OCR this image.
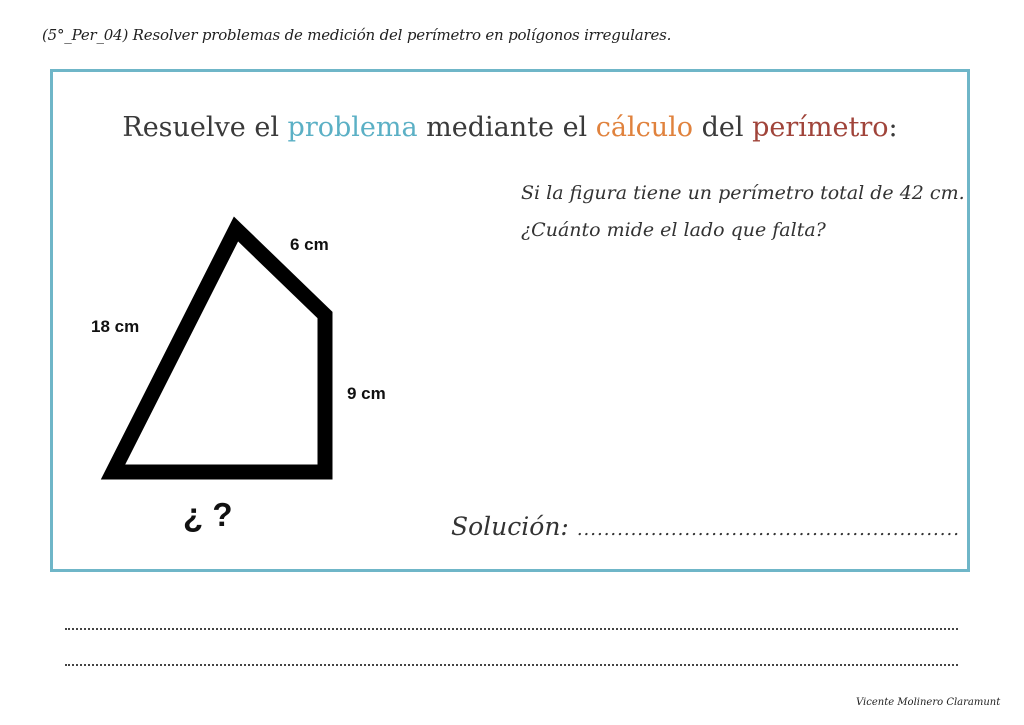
(5°_Per_04) Resolver problemas de medición del perímetro en polígonos irregulares.
Resuelve el problema mediante el cálculo del perímetro:
Si la figura tiene un perímetro total de 42 cm.
¿Cuánto mide el lado que falta?
6 cm
18 cm
9 cm
¿ ?	Solución: .........................................................
Vicente Molinero Claramunt
